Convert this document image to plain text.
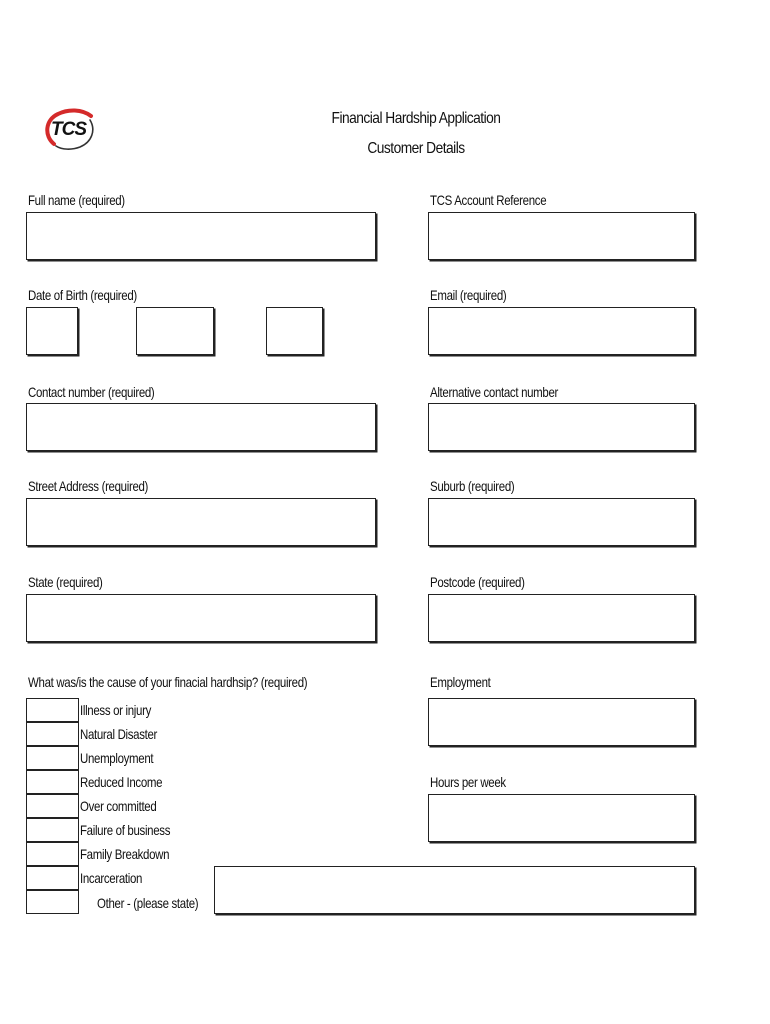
TCS
Financial Hardship Application
Customer Details
Full name (required)	TCS Account Reference
Date of Birth (required)	Email (required)
Contact number (required)	Alternative contact number
Street Address (required)	Suburb (required)
State (required)	Postcode (required)
What was/is the cause of your finacial hardhsip? (required)
Illness or injury
Natural Disaster
Unemployment
Reduced Income
Over committed
Failure of business
Family Breakdown
Incarceration
Other - (please state)
Employment
Hours per week
